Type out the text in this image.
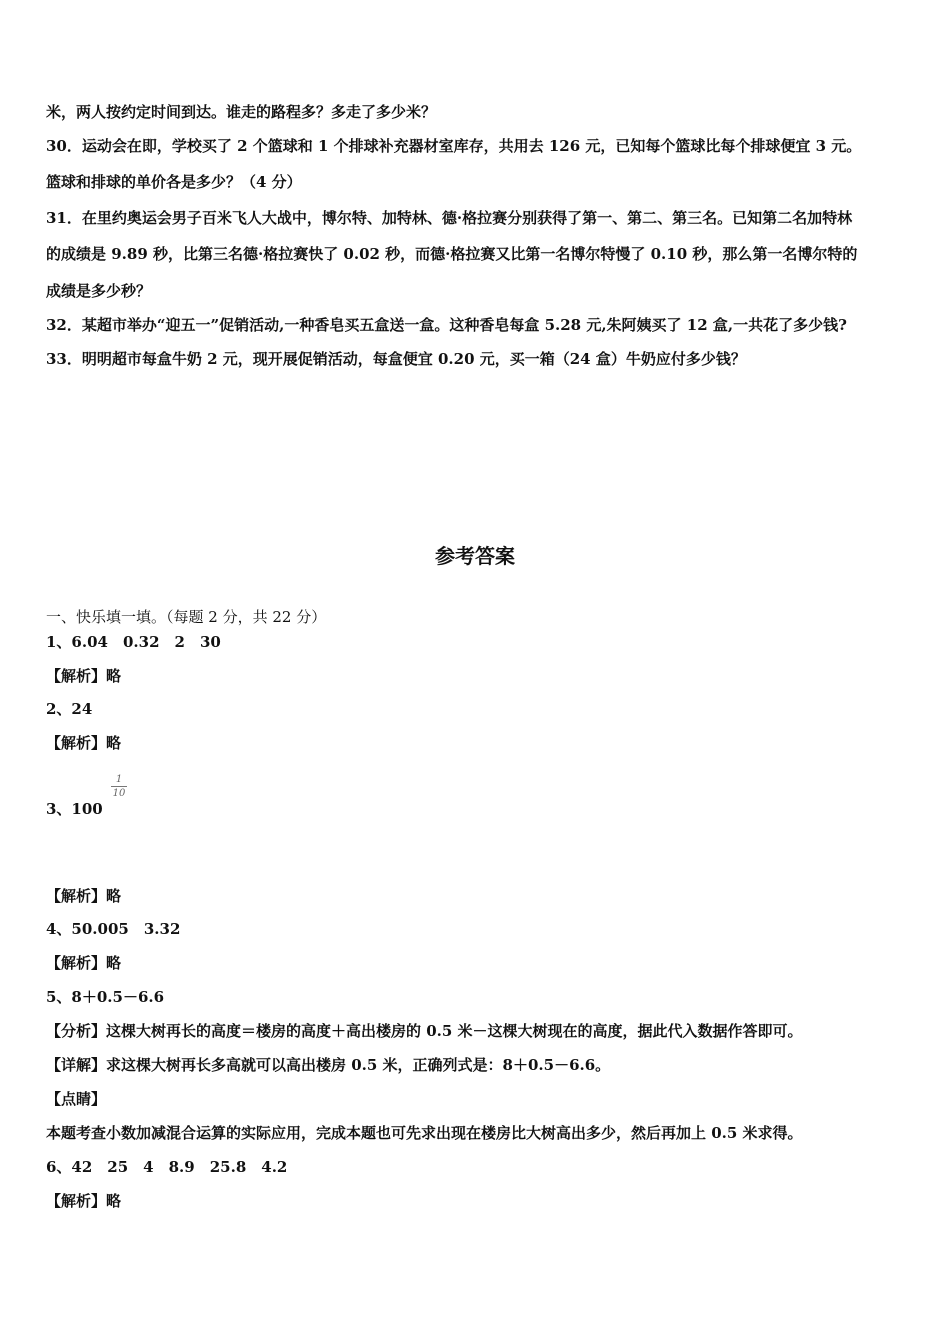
米，两人按约定时间到达。谁走的路程多？多走了多少米？
30．运动会在即，学校买了 2 个篮球和 1 个排球补充器材室库存，共用去 126 元，已知每个篮球比每个排球便宜 3 元。
篮球和排球的单价各是多少？（4 分）
31．在里约奥运会男子百米飞人大战中，博尔特、加特林、德·格拉赛分别获得了第一、第二、第三名。已知第二名加特林
的成绩是 9.89 秒，比第三名德·格拉赛快了 0.02 秒，而德·格拉赛又比第一名博尔特慢了 0.10 秒，那么第一名博尔特的
成绩是多少秒？
32．某超市举办“迎五一”促销活动,一种香皂买五盒送一盒。这种香皂每盒 5.28 元,朱阿姨买了 12 盒,一共花了多少钱?
33．明明超市每盒牛奶 2 元，现开展促销活动，每盒便宜 0.20 元，买一箱（24 盒）牛奶应付多少钱？
参考答案
一、快乐填一填。（每题 2 分，共 22 分）
1、6.04　0.32　2　30
【解析】略
2、24
【解析】略
3、100
1
10
【解析】略
4、50.005　3.32
【解析】略
5、8＋0.5－6.6
【分析】这棵大树再长的高度＝楼房的高度＋高出楼房的 0.5 米－这棵大树现在的高度，据此代入数据作答即可。
【详解】求这棵大树再长多高就可以高出楼房 0.5 米，正确列式是：8＋0.5－6.6。
【点睛】
本题考查小数加减混合运算的实际应用，完成本题也可先求出现在楼房比大树高出多少，然后再加上 0.5 米求得。
6、42　25　4　8.9　25.8　4.2
【解析】略
